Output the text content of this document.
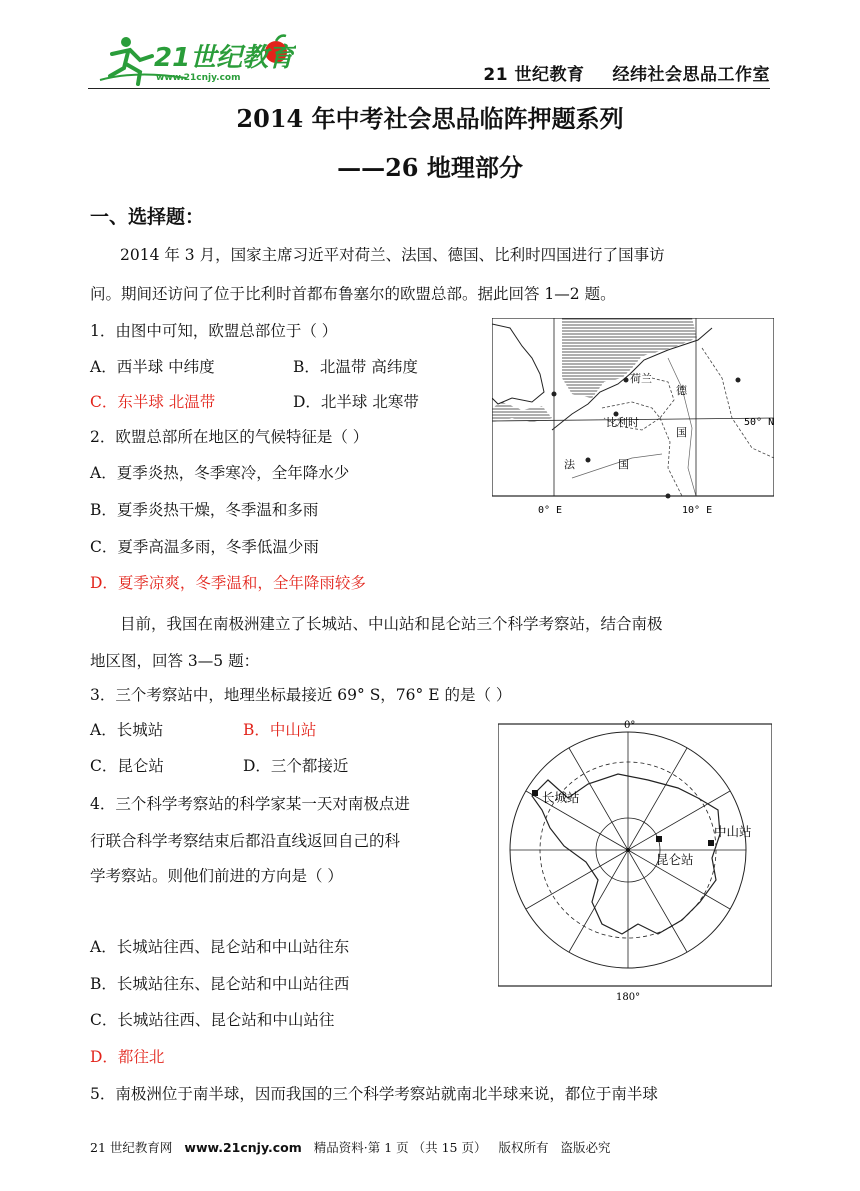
21世纪教育
www.21cnjy.com	21 世纪教育 经纬社会思品工作室
2014 年中考社会思品临阵押题系列
——26 地理部分
一、选择题：
2014 年 3 月，国家主席习近平对荷兰、法国、德国、比利时四国进行了国事访
问。期间还访问了位于比利时首都布鲁塞尔的欧盟总部。据此回答 1—2 题。
1．由图中可知，欧盟总部位于（ ）
A．西半球 中纬度	B．北温带 高纬度
C．东半球 北温带	D．北半球 北寒带
2．欧盟总部所在地区的气候特征是（ ）
A．夏季炎热，冬季寒冷，全年降水少
B．夏季炎热干燥，冬季温和多雨
C．夏季高温多雨，冬季低温少雨
D．夏季凉爽，冬季温和，全年降雨较多
荷兰
德
国
比利时
法	国
50° N
0° E	10° E
目前，我国在南极洲建立了长城站、中山站和昆仑站三个科学考察站，结合南极
地区图，回答 3—5 题：
3．三个考察站中，地理坐标最接近 69° S，76° E 的是（ ）
A．长城站	B．中山站
C．昆仑站	D．三个都接近
4．三个科学考察站的科学家某一天对南极点进
行联合科学考察结束后都沿直线返回自己的科
学考察站。则他们前进的方向是（ ）
A．长城站往西、昆仑站和中山站往东
B．长城站往东、昆仑站和中山站往西
C．长城站往西、昆仑站和中山站往
D．都往北
0°
180°
长城站
中山站
昆仑站
5．南极洲位于南半球，因而我国的三个科学考察站就南北半球来说，都位于南半球
21 世纪教育网 www.21cnjy.com 精品资料·第 1 页 （共 15 页） 版权所有 盗版必究
